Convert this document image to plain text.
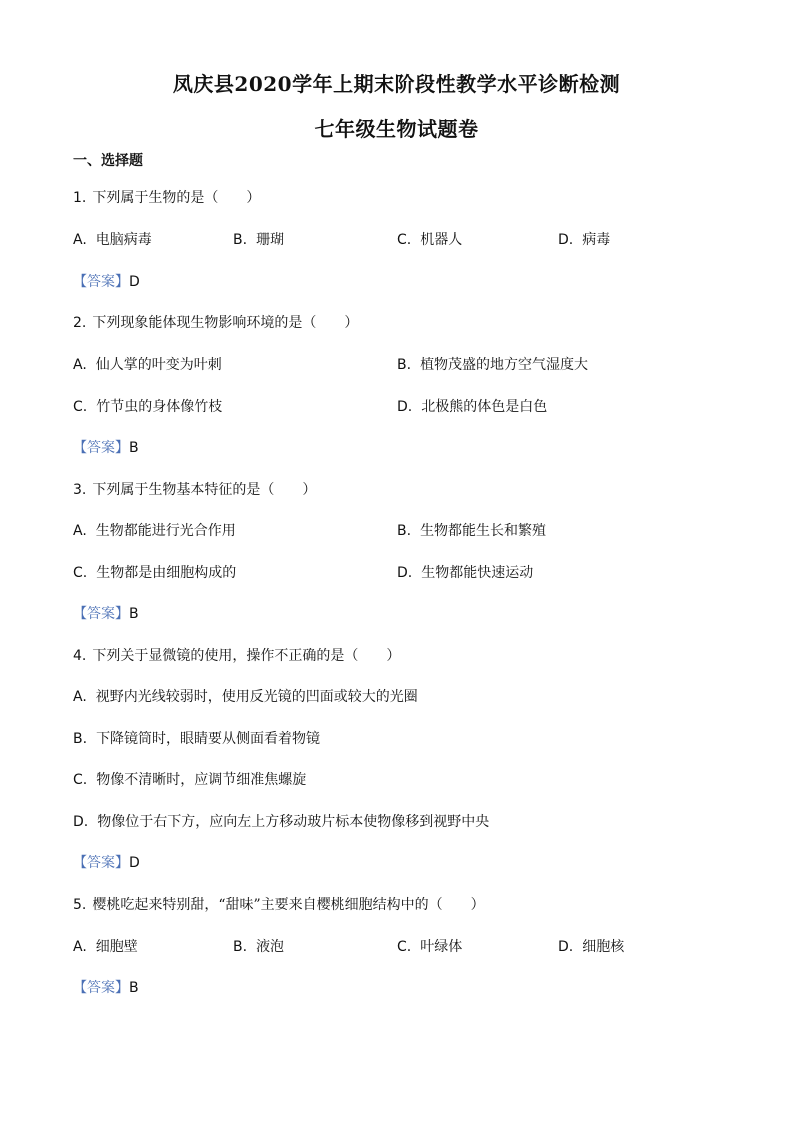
凤庆县2020学年上期末阶段性教学水平诊断检测
七年级生物试题卷
一、选择题
1. 下列属于生物的是（　　）
A. 电脑病毒	B. 珊瑚	C. 机器人	D. 病毒
【答案】D
2. 下列现象能体现生物影响环境的是（　　）
A. 仙人掌的叶变为叶刺	B. 植物茂盛的地方空气湿度大
C. 竹节虫的身体像竹枝	D. 北极熊的体色是白色
【答案】B
3. 下列属于生物基本特征的是（　　）
A. 生物都能进行光合作用	B. 生物都能生长和繁殖
C. 生物都是由细胞构成的	D. 生物都能快速运动
【答案】B
4. 下列关于显微镜的使用，操作不正确的是（　　）
A. 视野内光线较弱时，使用反光镜的凹面或较大的光圈
B. 下降镜筒时，眼睛要从侧面看着物镜
C. 物像不清晰时，应调节细准焦螺旋
D. 物像位于右下方，应向左上方移动玻片标本使物像移到视野中央
【答案】D
5. 樱桃吃起来特别甜，“甜味”主要来自樱桃细胞结构中的（　　）
A. 细胞壁	B. 液泡	C. 叶绿体	D. 细胞核
【答案】B
